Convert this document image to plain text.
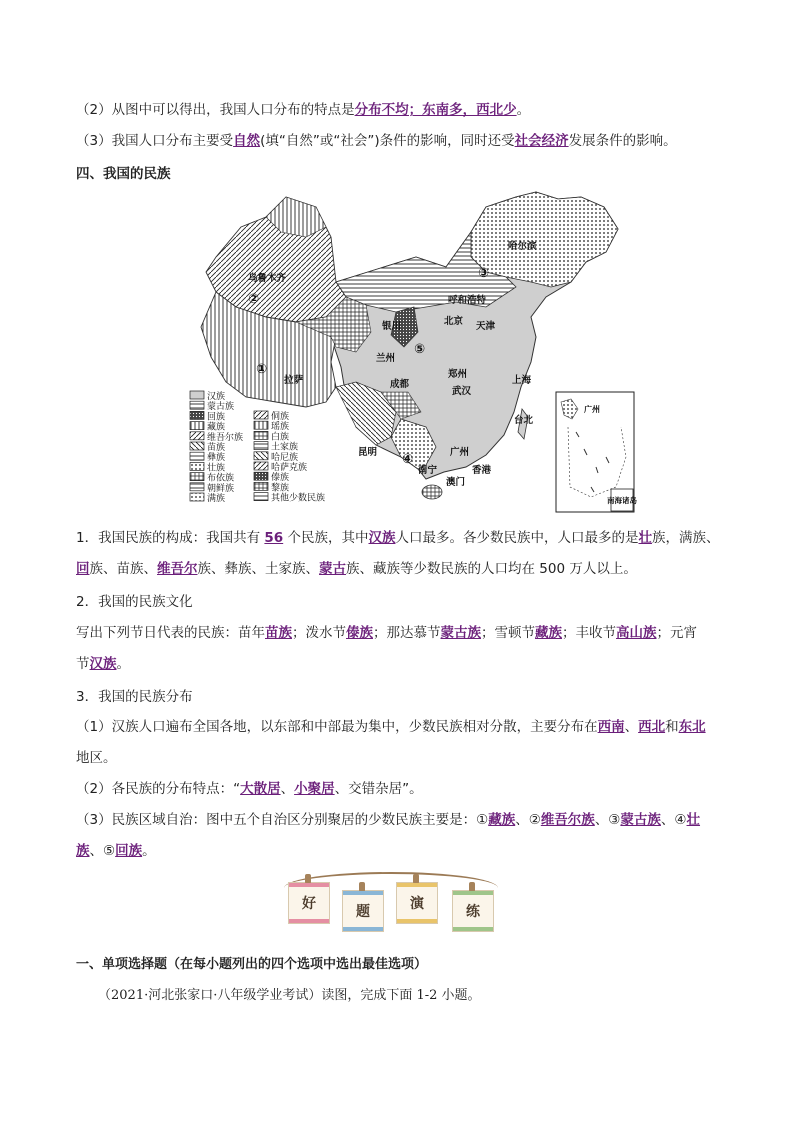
（2）从图中可以得出，我国人口分布的特点是分布不均；东南多，西北少。
（3）我国人口分布主要受自然(填“自然”或“社会”)条件的影响，同时还受社会经济发展条件的影响。
四、我国的民族
①
②
③
④
⑤
乌鲁木齐
哈尔滨
呼和浩特
北京 天津
银川
兰州
拉萨	成都
郑州
武汉
上海
昆明
南宁
广州
香港
澳门
台北
广州
南海诸岛
汉族
蒙古族
回族
藏族
维吾尔族
苗族
彝族
壮族
布依族
朝鲜族
满族
侗族
瑶族
白族
土家族
哈尼族
哈萨克族
傣族
黎族
其他少数民族
1．我国民族的构成：我国共有 56 个民族，其中汉族人口最多。各少数民族中，人口最多的是壮族，满族、
回族、苗族、维吾尔族、彝族、土家族、蒙古族、藏族等少数民族的人口均在 500 万人以上。
2．我国的民族文化
写出下列节日代表的民族：苗年苗族；泼水节傣族；那达慕节蒙古族；雪顿节藏族；丰收节高山族；元宵
节汉族。
3．我国的民族分布
（1）汉族人口遍布全国各地，以东部和中部最为集中，少数民族相对分散，主要分布在西南、西北和东北
地区。
（2）各民族的分布特点：“大散居、小聚居、交错杂居”。
（3）民族区域自治：图中五个自治区分别聚居的少数民族主要是：①藏族、②维吾尔族、③蒙古族、④壮
族、⑤回族。
好	题	演	练
一、单项选择题（在每小题列出的四个选项中选出最佳选项）
（2021·河北张家口·八年级学业考试）读图，完成下面 1-2 小题。
